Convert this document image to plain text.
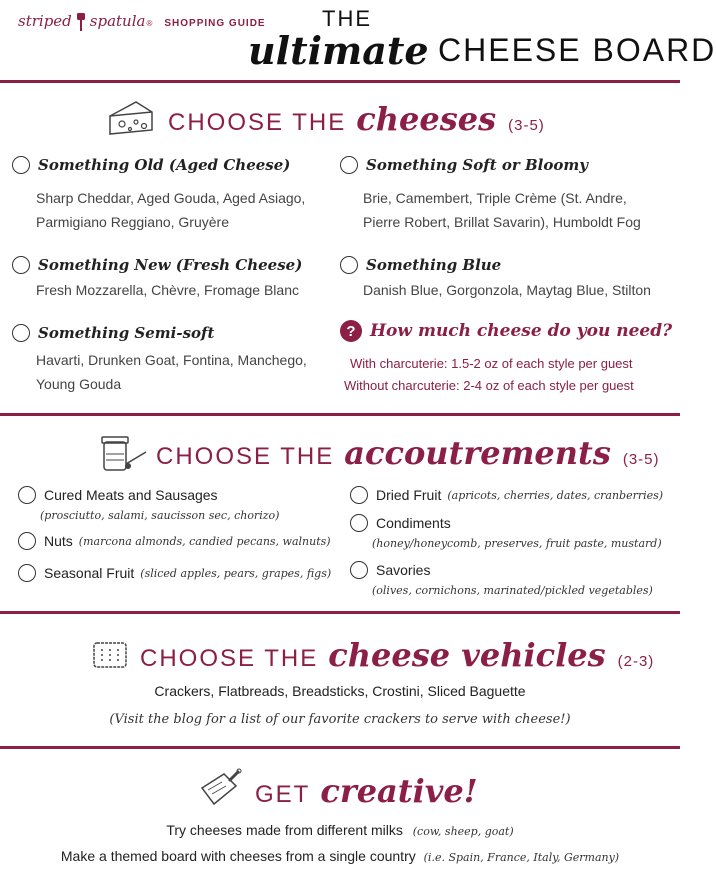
striped spatula ® SHOPPING GUIDE	THE
ultimate CHEESE BOARD
CHOOSE THE cheeses (3-5)
Something Old (Aged Cheese)
Sharp Cheddar, Aged Gouda, Aged Asiago,
Parmigiano Reggiano, Gruyère
Something Soft or Bloomy
Brie, Camembert, Triple Crème (St. Andre,
Pierre Robert, Brillat Savarin), Humboldt Fog
Something New (Fresh Cheese)
Fresh Mozzarella, Chèvre, Fromage Blanc
Something Blue
Danish Blue, Gorgonzola, Maytag Blue, Stilton
Something Semi-soft
Havarti, Drunken Goat, Fontina, Manchego,
Young Gouda
? How much cheese do you need?
With charcuterie: 1.5-2 oz of each style per guest
Without charcuterie: 2-4 oz of each style per guest
CHOOSE THE accoutrements (3-5)
Cured Meats and Sausages
(prosciutto, salami, saucisson sec, chorizo)
Nuts (marcona almonds, candied pecans, walnuts)
Seasonal Fruit (sliced apples, pears, grapes, figs)
Dried Fruit (apricots, cherries, dates, cranberries)
Condiments
(honey/honeycomb, preserves, fruit paste, mustard)
Savories
(olives, cornichons, marinated/pickled vegetables)
CHOOSE THE cheese vehicles (2-3)
Crackers, Flatbreads, Breadsticks, Crostini, Sliced Baguette
(Visit the blog for a list of our favorite crackers to serve with cheese!)
GET creative!
Try cheeses made from different milks (cow, sheep, goat)
Make a themed board with cheeses from a single country (i.e. Spain, France, Italy, Germany)
